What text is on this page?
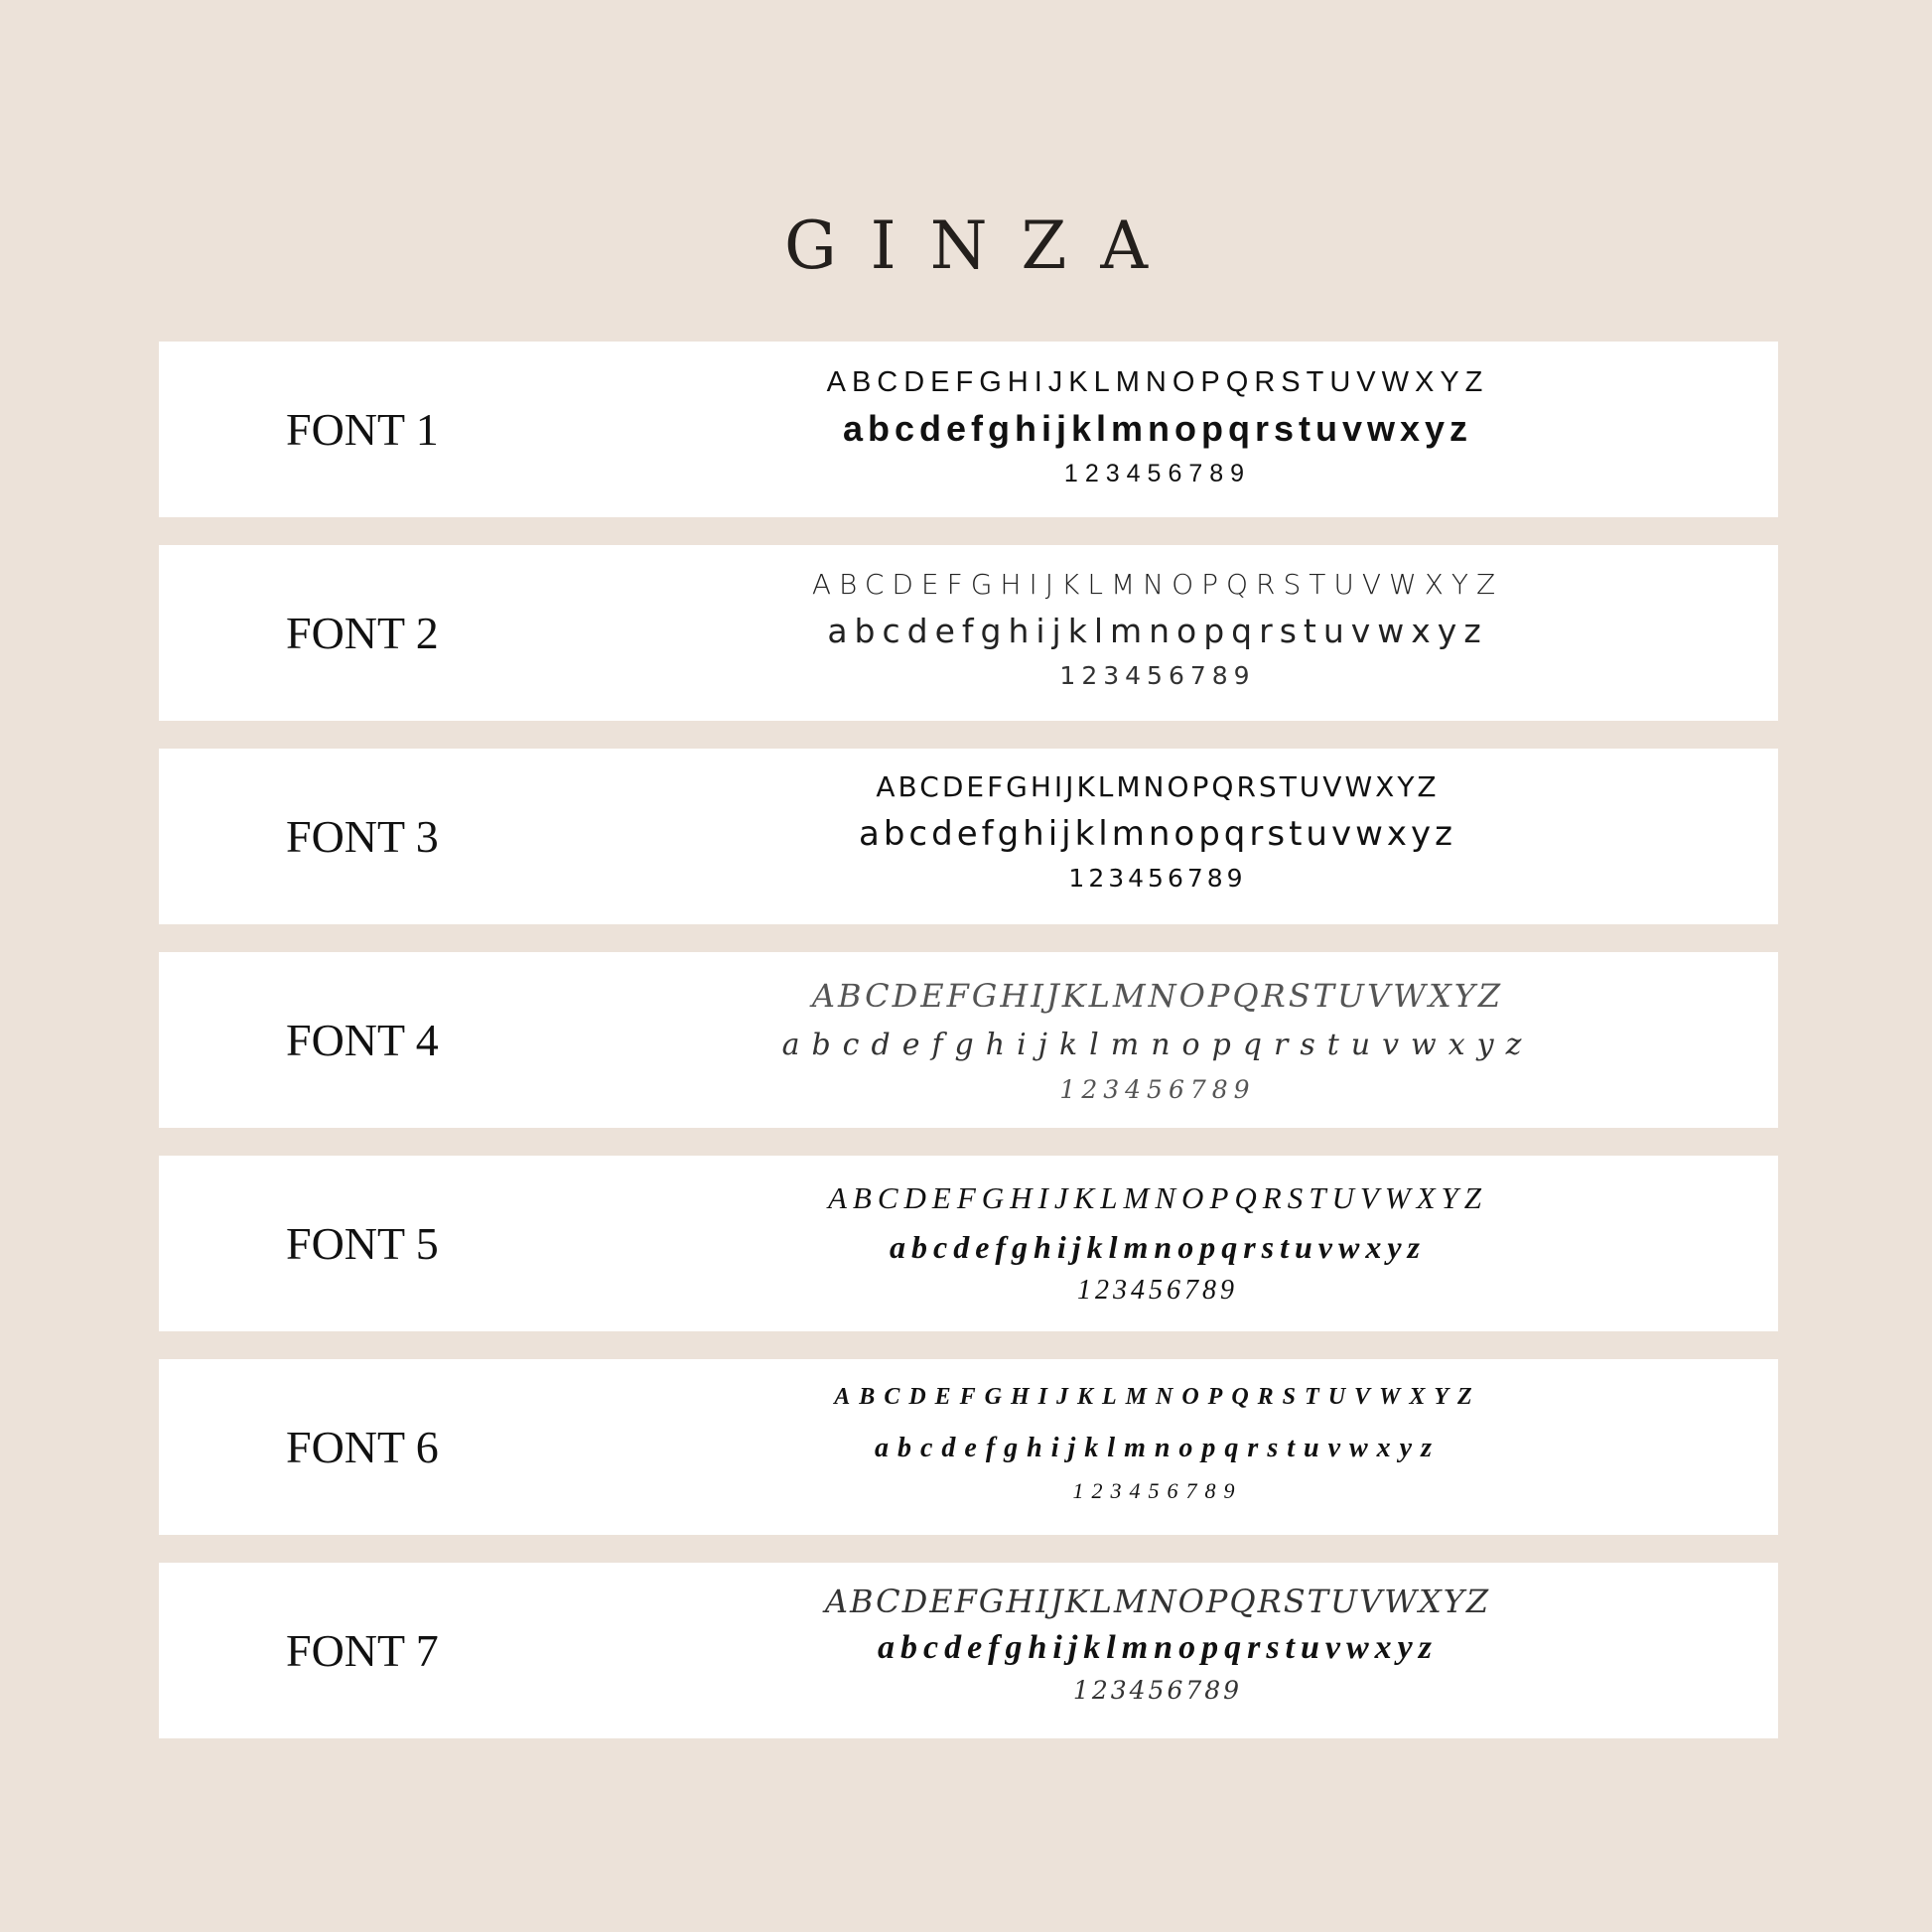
GINZA
FONT 1
ABCDEFGHIJKLMNOPQRSTUVWXYZ
abcdefghijklmnopqrstuvwxyz
123456789
FONT 2
ABCDEFGHIJKLMNOPQRSTUVWXYZ
abcdefghijklmnopqrstuvwxyz
123456789
FONT 3
ABCDEFGHIJKLMNOPQRSTUVWXYZ
abcdefghijklmnopqrstuvwxyz
123456789
FONT 4
ABCDEFGHIJKLMNOPQRSTUVWXYZ
abcdefghijklmnopqrstuvwxyz
123456789
FONT 5
ABCDEFGHIJKLMNOPQRSTUVWXYZ
abcdefghijklmnopqrstuvwxyz
123456789
FONT 6
ABCDEFGHIJKLMNOPQRSTUVWXYZ
abcdefghijklmnopqrstuvwxyz
123456789
FONT 7
ABCDEFGHIJKLMNOPQRSTUVWXYZ
abcdefghijklmnopqrstuvwxyz
123456789
